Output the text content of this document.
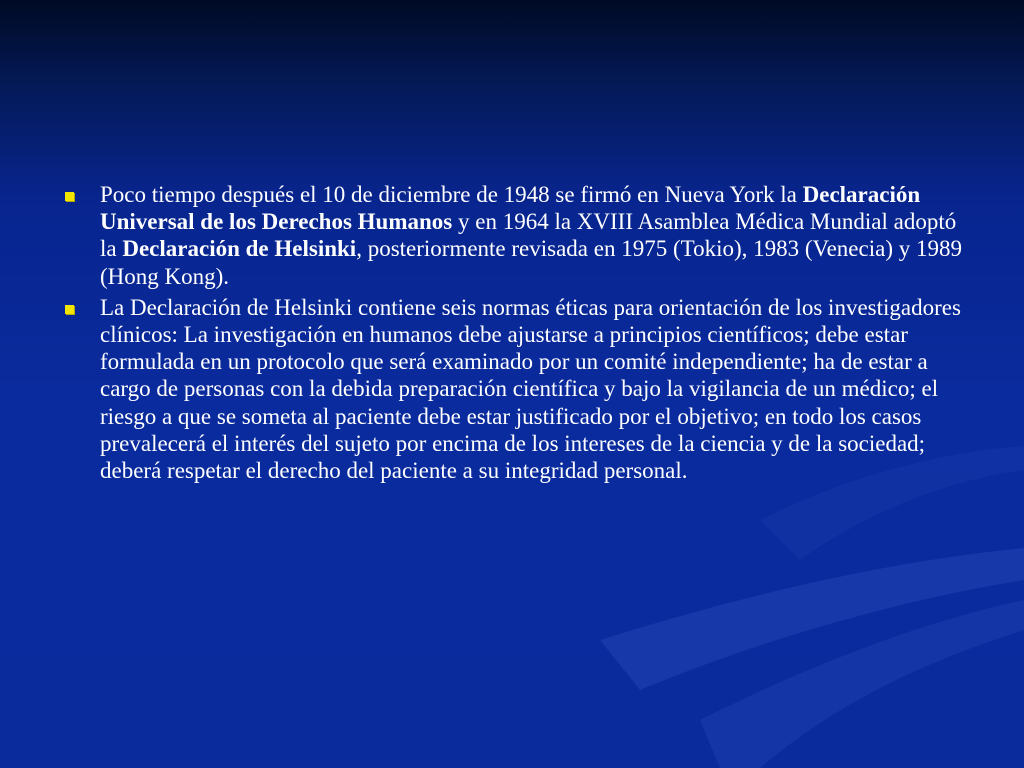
Poco tiempo después el 10 de diciembre de 1948 se firmó en Nueva York la Declaración Universal de los Derechos Humanos y en 1964 la XVIII Asamblea Médica Mundial adoptó la Declaración de Helsinki, posteriormente revisada en 1975 (Tokio), 1983 (Venecia) y 1989 (Hong Kong).
La Declaración de Helsinki contiene seis normas éticas para orientación de los investigadores clínicos: La investigación en humanos debe ajustarse a principios científicos; debe estar formulada en un protocolo que será examinado por un comité independiente; ha de estar a cargo de personas con la debida preparación científica y bajo la vigilancia de un médico; el riesgo a que se someta al paciente debe estar justificado por el objetivo; en todo los casos prevalecerá el interés del sujeto por encima de los intereses de la ciencia y de la sociedad; deberá respetar el derecho del paciente a su integridad personal.
